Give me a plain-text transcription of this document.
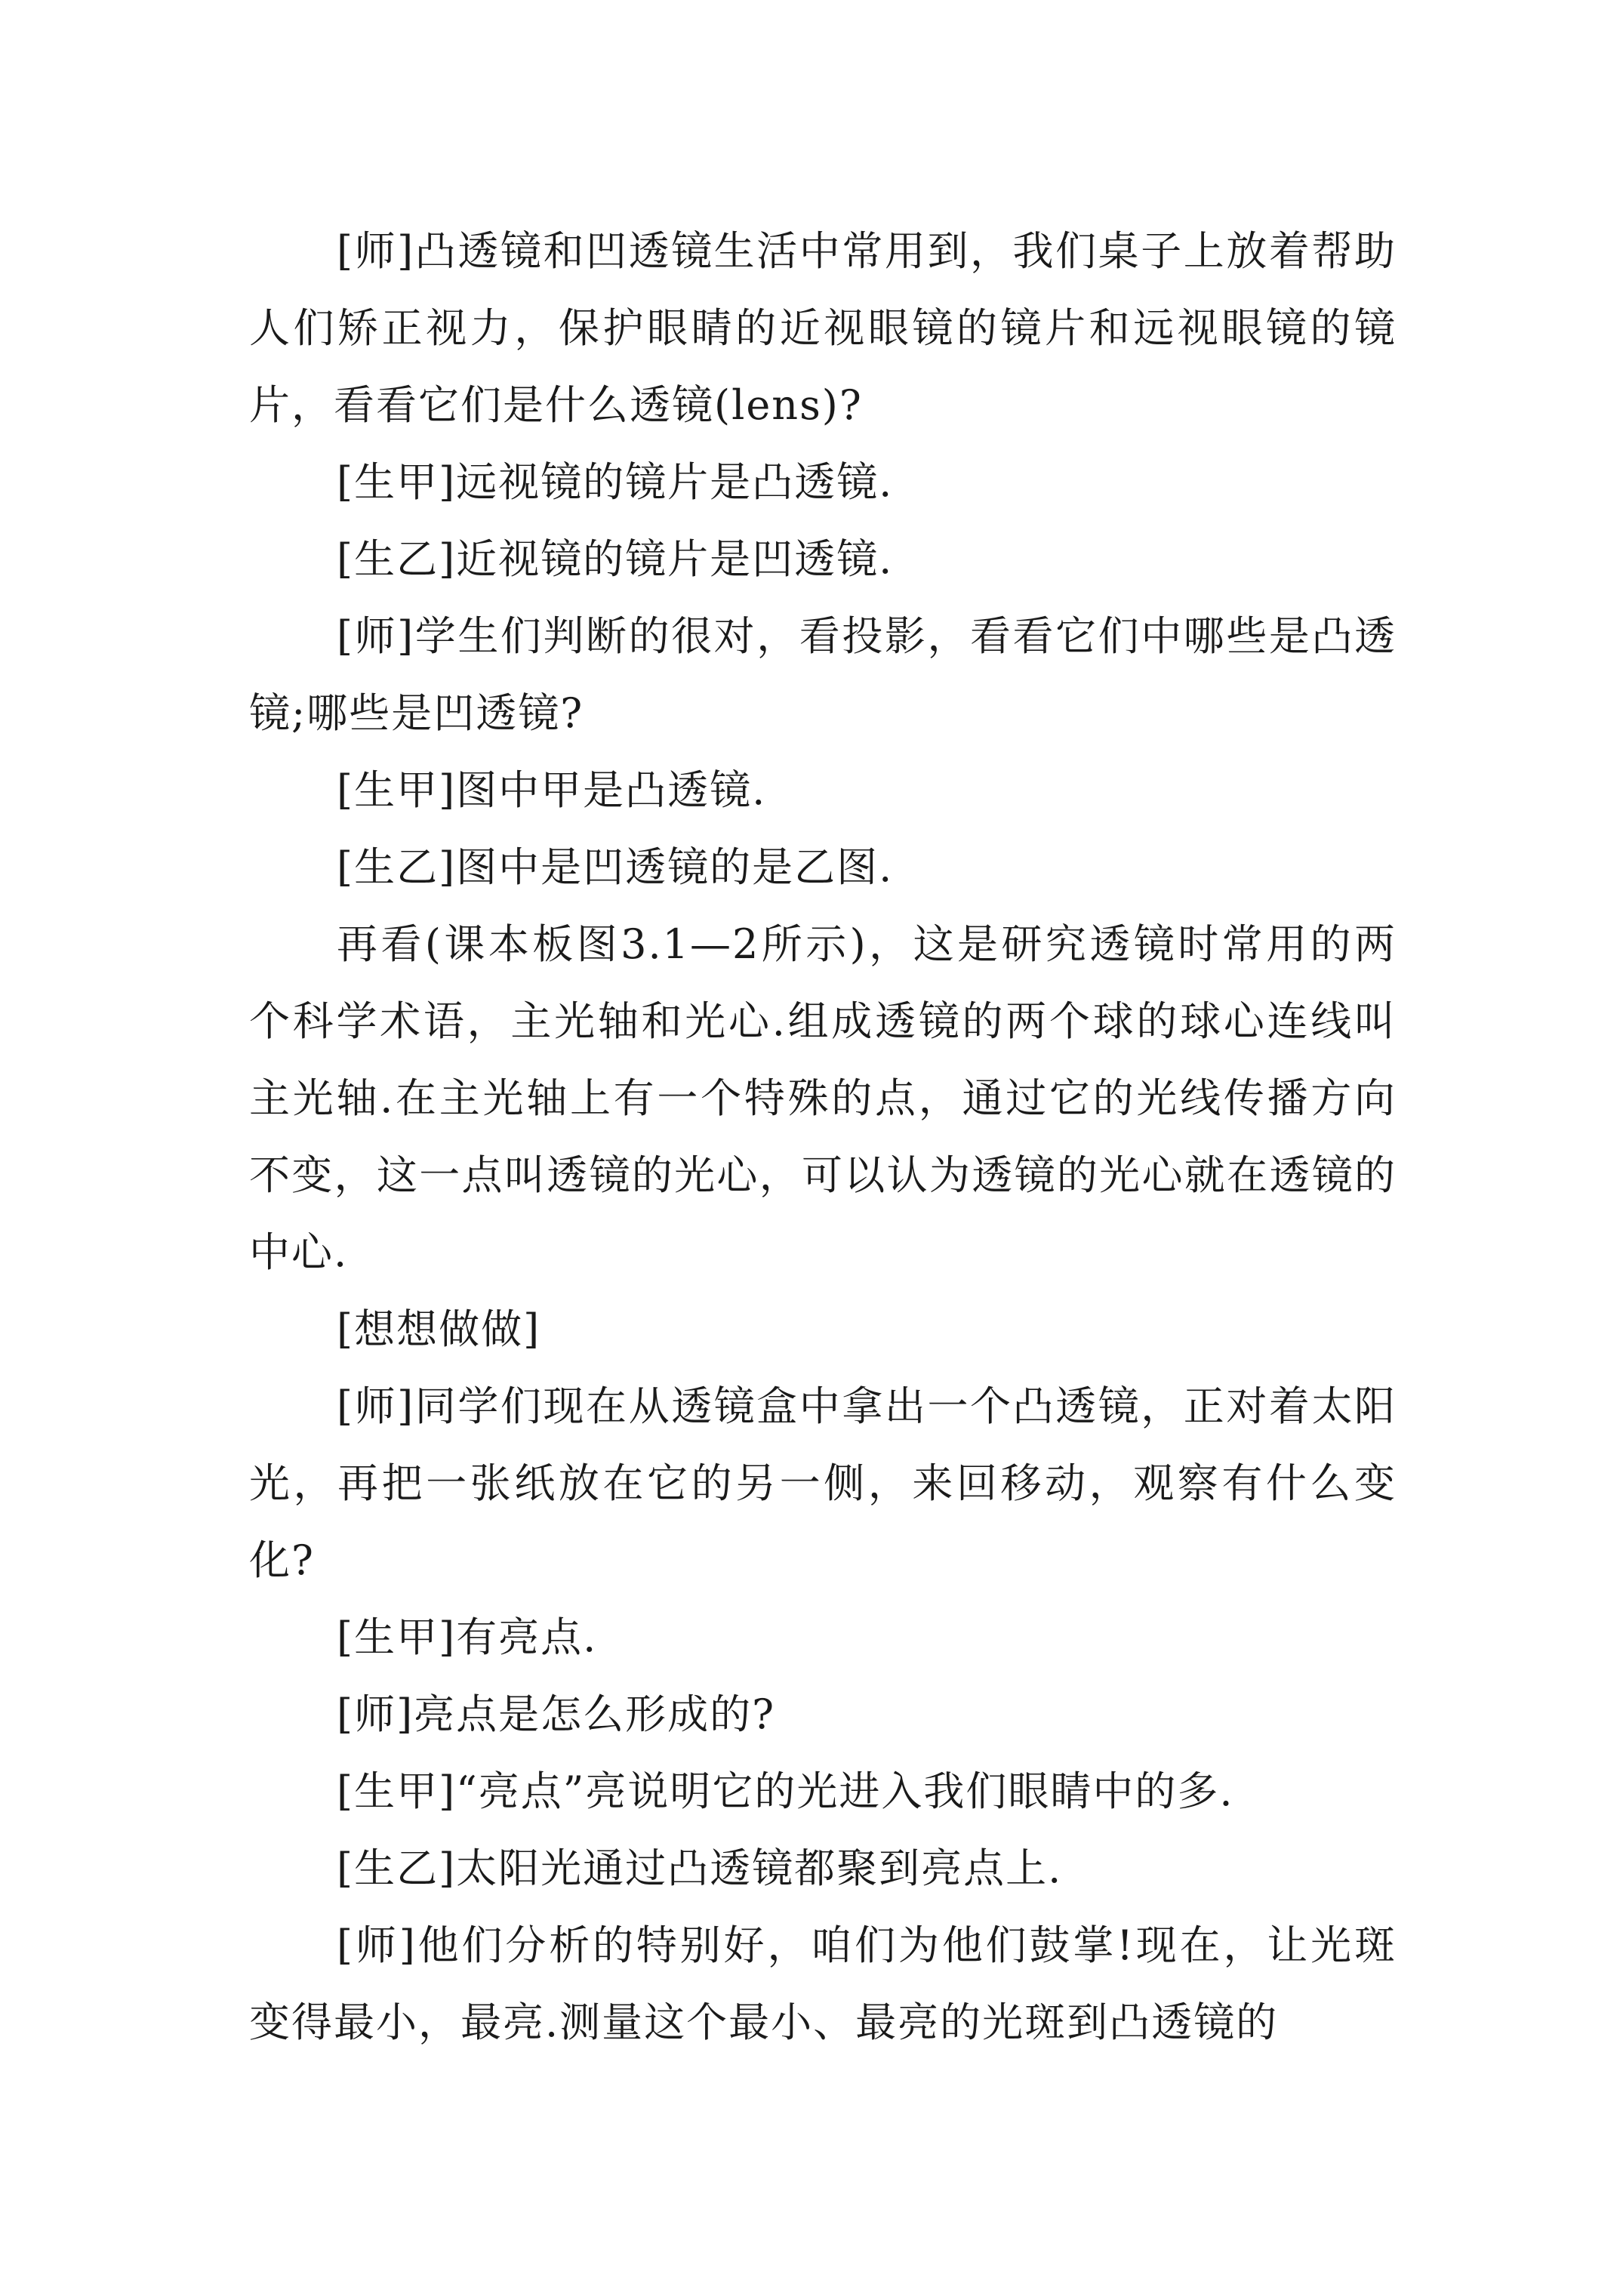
[师]凸透镜和凹透镜生活中常用到，我们桌子上放着帮助人们矫正视力，保护眼睛的近视眼镜的镜片和远视眼镜的镜片，看看它们是什么透镜(lens)?

[生甲]远视镜的镜片是凸透镜.

[生乙]近视镜的镜片是凹透镜.

[师]学生们判断的很对，看投影，看看它们中哪些是凸透镜;哪些是凹透镜?

[生甲]图中甲是凸透镜.

[生乙]图中是凹透镜的是乙图.

再看(课本板图3.1—2所示)，这是研究透镜时常用的两个科学术语，主光轴和光心.组成透镜的两个球的球心连线叫主光轴.在主光轴上有一个特殊的点，通过它的光线传播方向不变，这一点叫透镜的光心，可以认为透镜的光心就在透镜的中心.

[想想做做]

[师]同学们现在从透镜盒中拿出一个凸透镜，正对着太阳光，再把一张纸放在它的另一侧，来回移动，观察有什么变化?

[生甲]有亮点.

[师]亮点是怎么形成的?

[生甲]“亮点”亮说明它的光进入我们眼睛中的多.

[生乙]太阳光通过凸透镜都聚到亮点上.

[师]他们分析的特别好，咱们为他们鼓掌!现在，让光斑变得最小，最亮.测量这个最小、最亮的光斑到凸透镜的
